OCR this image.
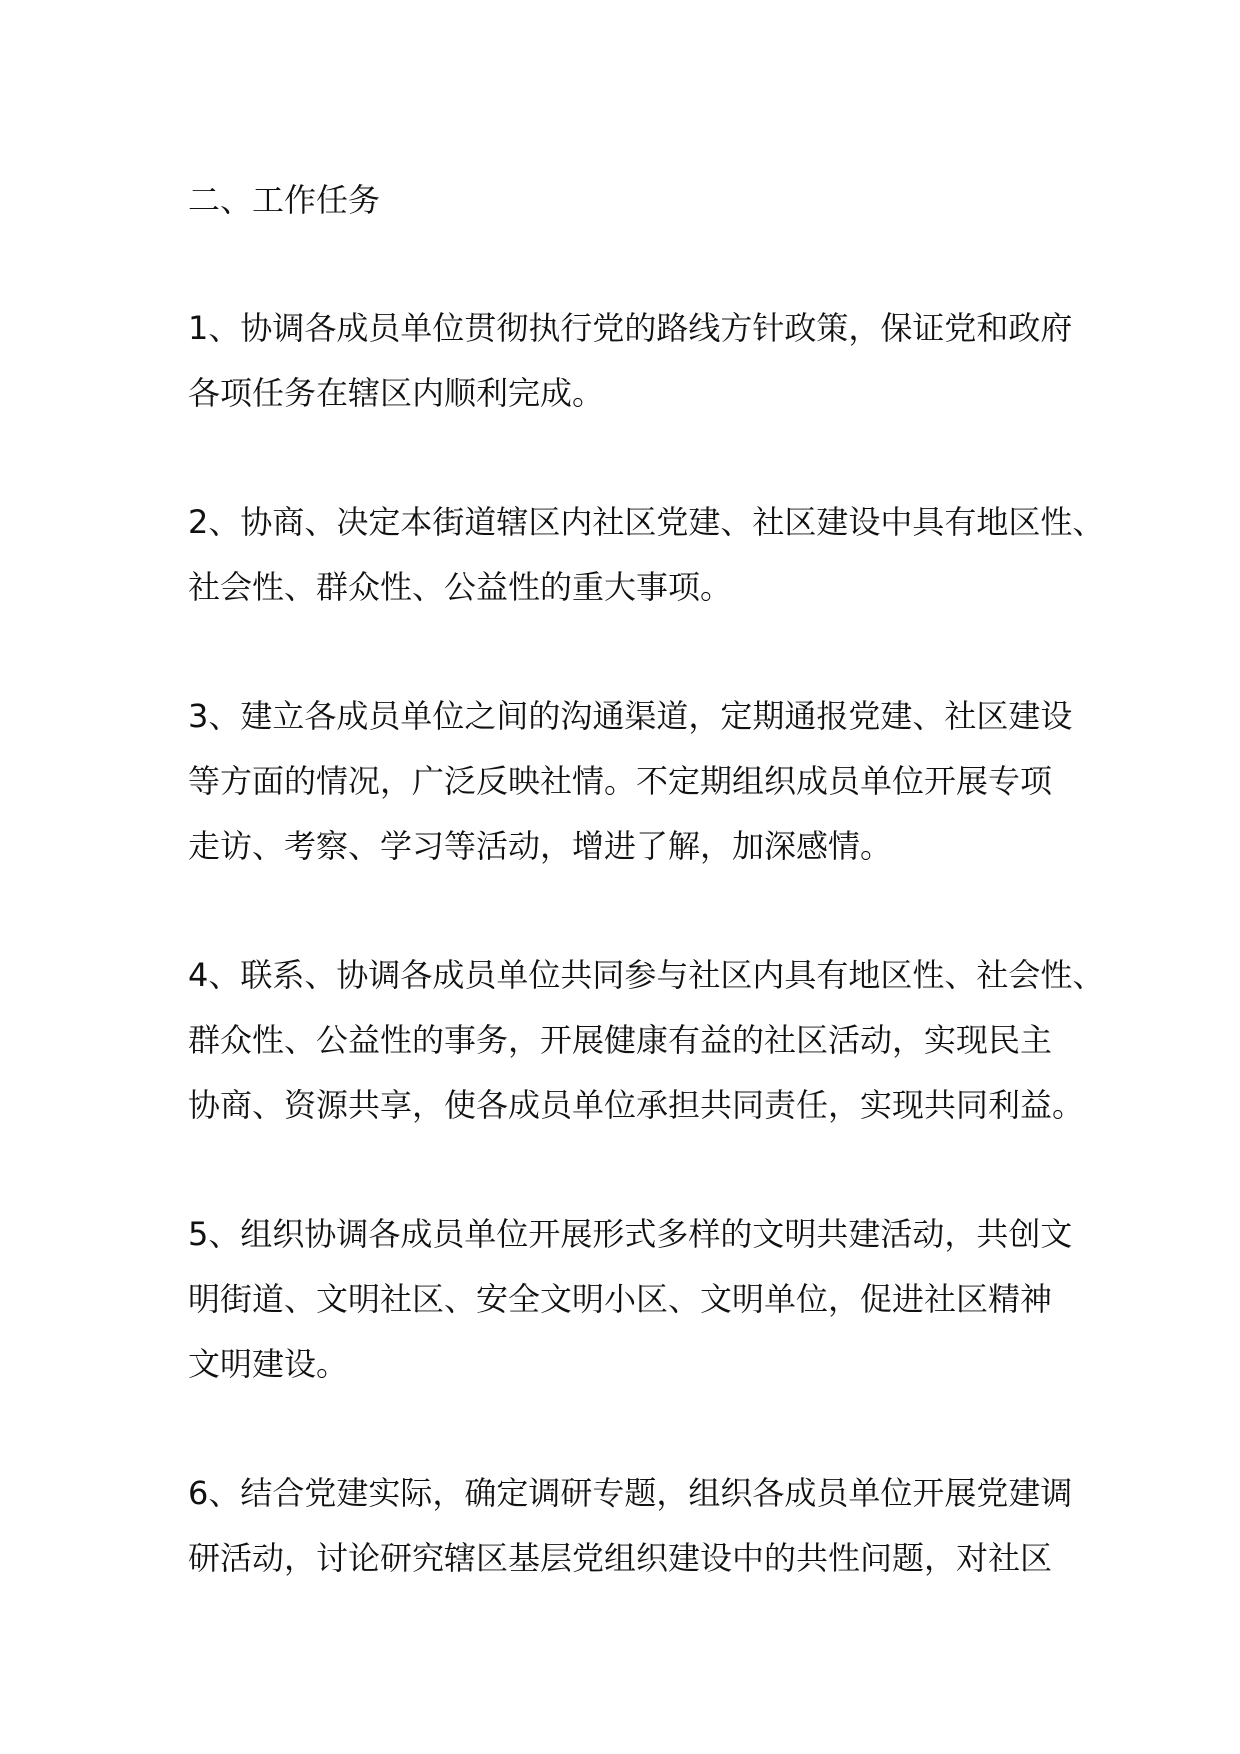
二、工作任务
1、协调各成员单位贯彻执行党的路线方针政策，保证党和政府
各项任务在辖区内顺利完成。
2、协商、决定本街道辖区内社区党建、社区建设中具有地区性、
社会性、群众性、公益性的重大事项。
3、建立各成员单位之间的沟通渠道，定期通报党建、社区建设
等方面的情况，广泛反映社情。不定期组织成员单位开展专项
走访、考察、学习等活动，增进了解，加深感情。
4、联系、协调各成员单位共同参与社区内具有地区性、社会性、
群众性、公益性的事务，开展健康有益的社区活动，实现民主
协商、资源共享，使各成员单位承担共同责任，实现共同利益。
5、组织协调各成员单位开展形式多样的文明共建活动，共创文
明街道、文明社区、安全文明小区、文明单位，促进社区精神
文明建设。
6、结合党建实际，确定调研专题，组织各成员单位开展党建调
研活动，讨论研究辖区基层党组织建设中的共性问题，对社区
